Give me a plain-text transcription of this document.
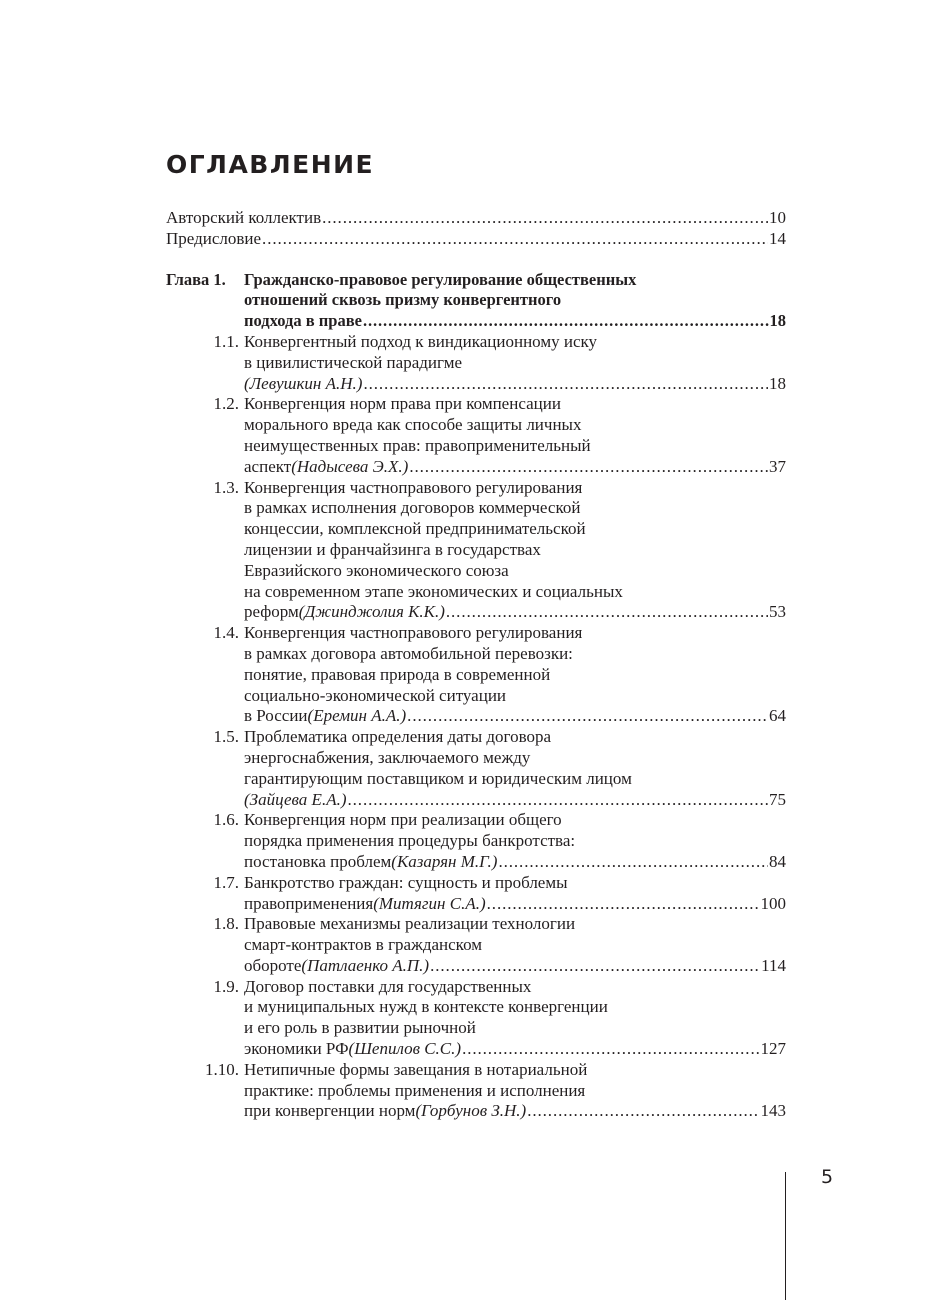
ОГЛАВЛЕНИЕ
Авторский коллектив .....	10
Предисловие .....	14
Глава 1.	Гражданско-правовое регулирование общественных
отношений сквозь призму конвергентного
подхода в праве .....	18
1.1. Конвергентный подход к виндикационному иску
в цивилистической парадигме
(Левушкин А.Н.) .....	18
1.2. Конвергенция норм права при компенсации
морального вреда как способе защиты личных
неимущественных прав: правоприменительный
аспект (Надысева Э.Х.) .....	37
1.3. Конвергенция частноправового регулирования
в рамках исполнения договоров коммерческой
концессии, комплексной предпринимательской
лицензии и франчайзинга в государствах
Евразийского экономического союза
на современном этапе экономических и социальных
реформ (Джинджолия К.К.) .....	53
1.4. Конвергенция частноправового регулирования
в рамках договора автомобильной перевозки:
понятие, правовая природа в современной
социально-экономической ситуации
в России (Еремин А.А.) .....	64
1.5. Проблематика определения даты договора
энергоснабжения, заключаемого между
гарантирующим поставщиком и юридическим лицом
(Зайцева Е.А.) .....	75
1.6. Конвергенция норм при реализации общего
порядка применения процедуры банкротства:
постановка проблем (Казарян М.Г.) .....	84
1.7. Банкротство граждан: сущность и проблемы
правоприменения (Митягин С.А.) .....	100
1.8. Правовые механизмы реализации технологии
смарт-контрактов в гражданском
обороте (Патлаенко А.П.) .....	114
1.9. Договор поставки для государственных
и муниципальных нужд в контексте конвергенции
и его роль в развитии рыночной
экономики РФ (Шепилов С.С.) .....	127
1.10. Нетипичные формы завещания в нотариальной
практике: проблемы применения и исполнения
при конвергенции норм (Горбунов З.Н.) .....	143
5
